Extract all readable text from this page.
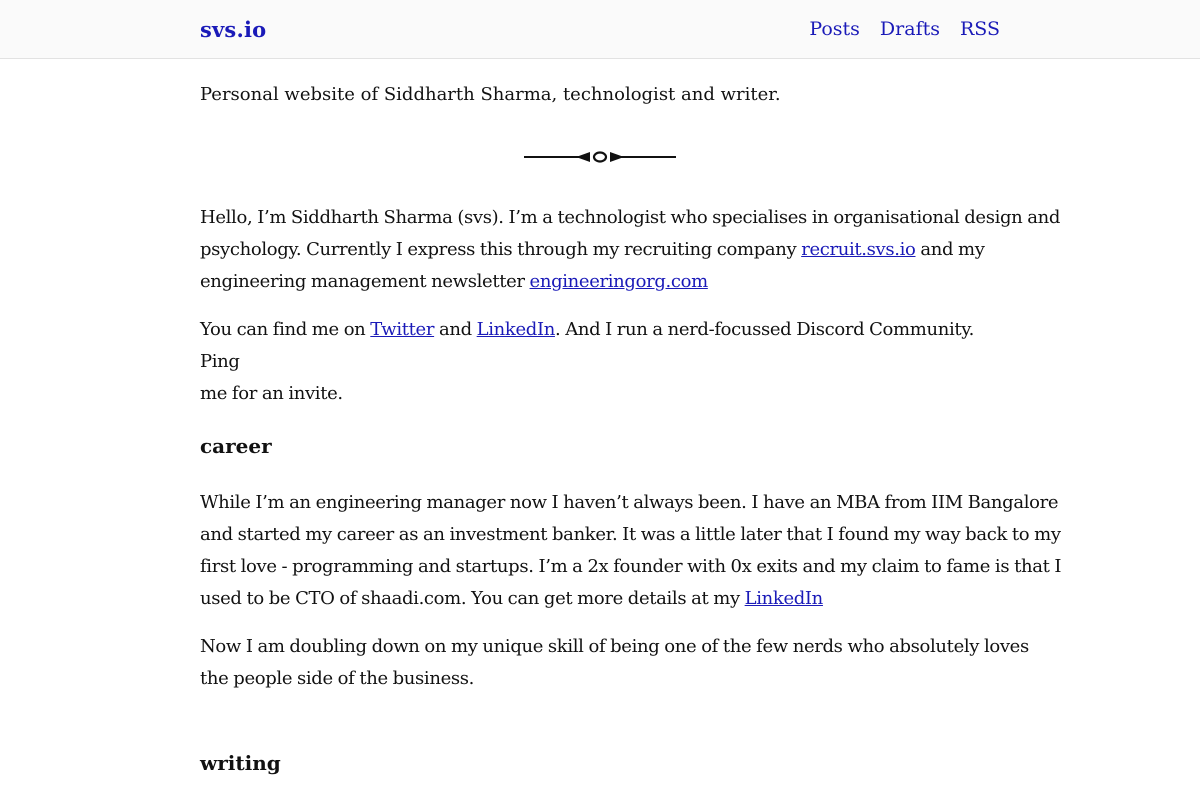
svs.io	Posts Drafts RSS

Personal website of Siddharth Sharma, technologist and writer.

Hello, I’m Siddharth Sharma (svs). I’m a technologist who specialises in organisational design and
psychology. Currently I express this through my recruiting company recruit.svs.io and my
engineering management newsletter engineeringorg.com

You can find me on Twitter and LinkedIn. And I run a nerd-focussed Discord Community. Ping
me for an invite.

career

While I’m an engineering manager now I haven’t always been. I have an MBA from IIM Bangalore
and started my career as an investment banker. It was a little later that I found my way back to my
first love - programming and startups. I’m a 2x founder with 0x exits and my claim to fame is that I
used to be CTO of shaadi.com. You can get more details at my LinkedIn

Now I am doubling down on my unique skill of being one of the few nerds who absolutely loves
the people side of the business.

writing
